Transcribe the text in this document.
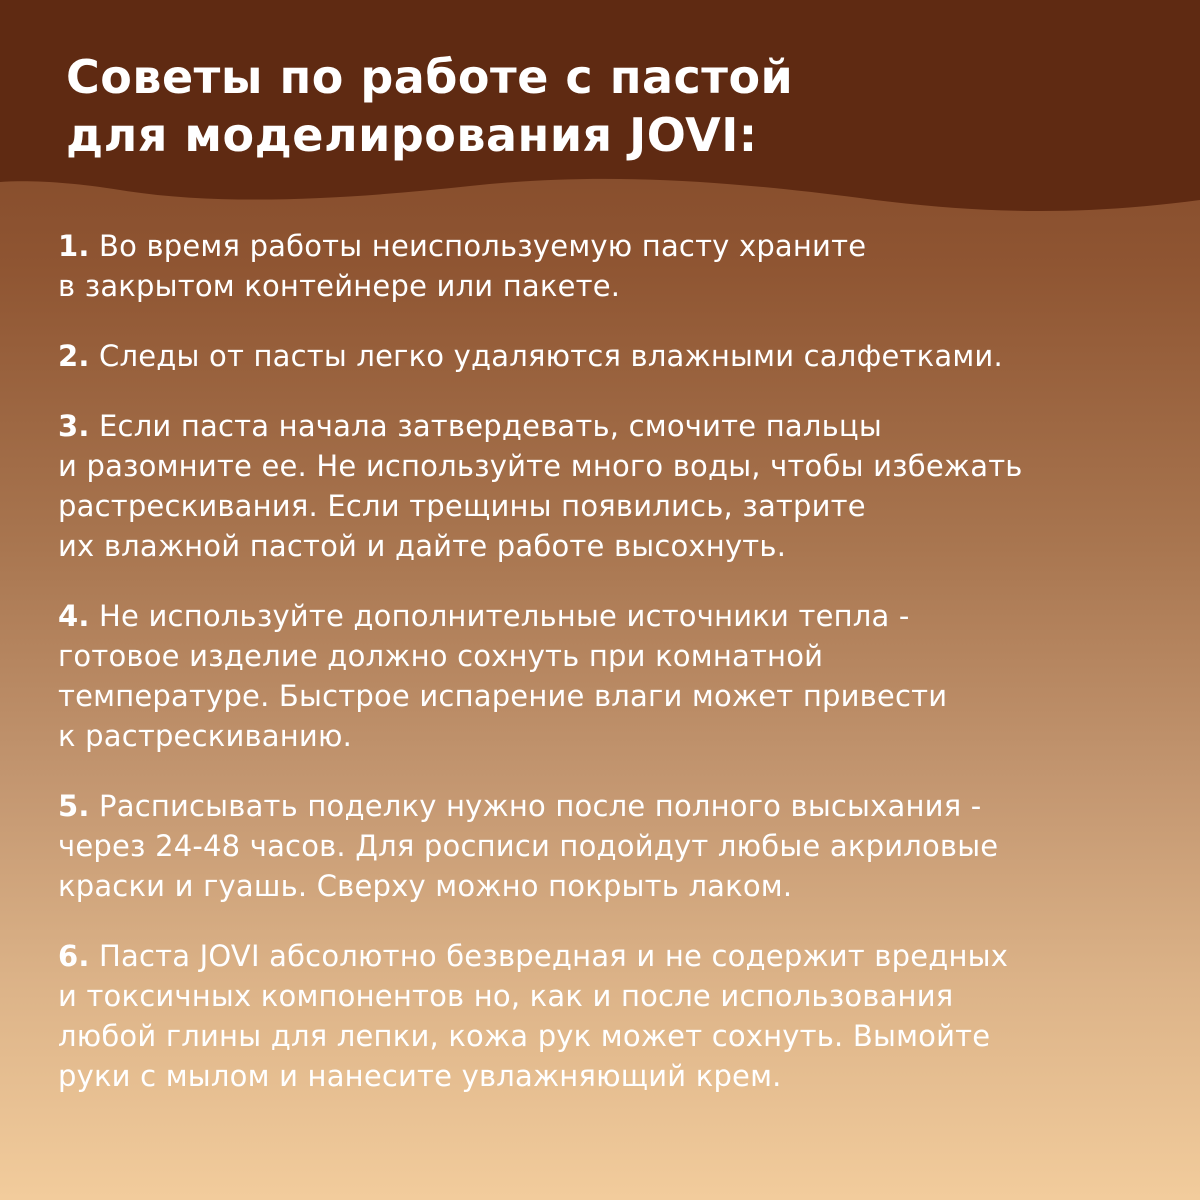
Советы по работе с пастой
для моделирования JOVI:
1. Во время работы неиспользуемую пасту храните
в закрытом контейнере или пакете.
2. Следы от пасты легко удаляются влажными салфетками.
3. Если паста начала затвердевать, смочите пальцы
и разомните ее. Не используйте много воды, чтобы избежать
растрескивания. Если трещины появились, затрите
их влажной пастой и дайте работе высохнуть.
4. Не используйте дополнительные источники тепла -
готовое изделие должно сохнуть при комнатной
температуре. Быстрое испарение влаги может привести
к растрескиванию.
5. Расписывать поделку нужно после полного высыхания -
через 24-48 часов. Для росписи подойдут любые акриловые
краски и гуашь. Сверху можно покрыть лаком.
6. Паста JOVI абсолютно безвредная и не содержит вредных
и токсичных компонентов но, как и после использования
любой глины для лепки, кожа рук может сохнуть. Вымойте
руки с мылом и нанесите увлажняющий крем.
